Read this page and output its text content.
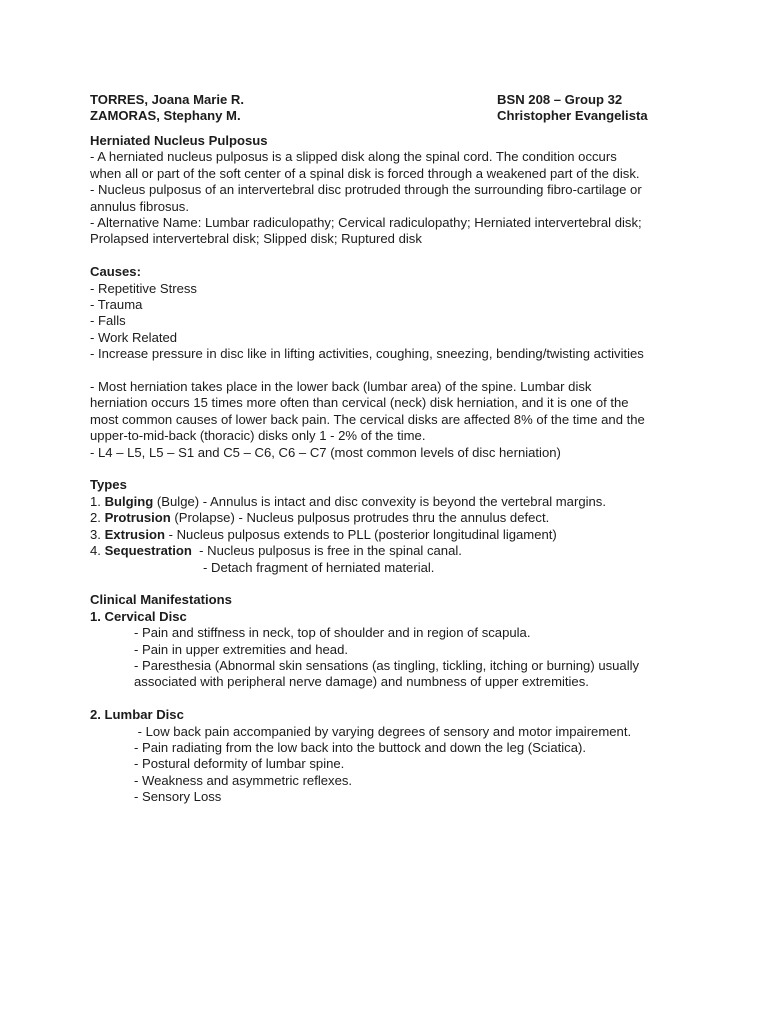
TORRES, Joana Marie R.
ZAMORAS, Stephany M.
BSN 208 – Group 32
Christopher Evangelista
Herniated Nucleus Pulposus
- A herniated nucleus pulposus is a slipped disk along the spinal cord. The condition occurs
when all or part of the soft center of a spinal disk is forced through a weakened part of the disk.
- Nucleus pulposus of an intervertebral disc protruded through the surrounding fibro-cartilage or
annulus fibrosus.
- Alternative Name: Lumbar radiculopathy; Cervical radiculopathy; Herniated intervertebral disk;
Prolapsed intervertebral disk; Slipped disk; Ruptured disk
Causes:
- Repetitive Stress
- Trauma
- Falls
- Work Related
- Increase pressure in disc like in lifting activities, coughing, sneezing, bending/twisting activities
- Most herniation takes place in the lower back (lumbar area) of the spine. Lumbar disk
herniation occurs 15 times more often than cervical (neck) disk herniation, and it is one of the
most common causes of lower back pain. The cervical disks are affected 8% of the time and the
upper-to-mid-back (thoracic) disks only 1 - 2% of the time.
- L4 – L5, L5 – S1 and C5 – C6, C6 – C7 (most common levels of disc herniation)
Types
1. Bulging (Bulge) - Annulus is intact and disc convexity is beyond the vertebral margins.
2. Protrusion (Prolapse) - Nucleus pulposus protrudes thru the annulus defect.
3. Extrusion - Nucleus pulposus extends to PLL (posterior longitudinal ligament)
4. Sequestration  - Nucleus pulposus is free in the spinal canal.
- Detach fragment of herniated material.
Clinical Manifestations
1. Cervical Disc
- Pain and stiffness in neck, top of shoulder and in region of scapula.
- Pain in upper extremities and head.
- Paresthesia (Abnormal skin sensations (as tingling, tickling, itching or burning) usually
associated with peripheral nerve damage) and numbness of upper extremities.
2. Lumbar Disc
- Low back pain accompanied by varying degrees of sensory and motor impairement.
- Pain radiating from the low back into the buttock and down the leg (Sciatica).
- Postural deformity of lumbar spine.
- Weakness and asymmetric reflexes.
- Sensory Loss
